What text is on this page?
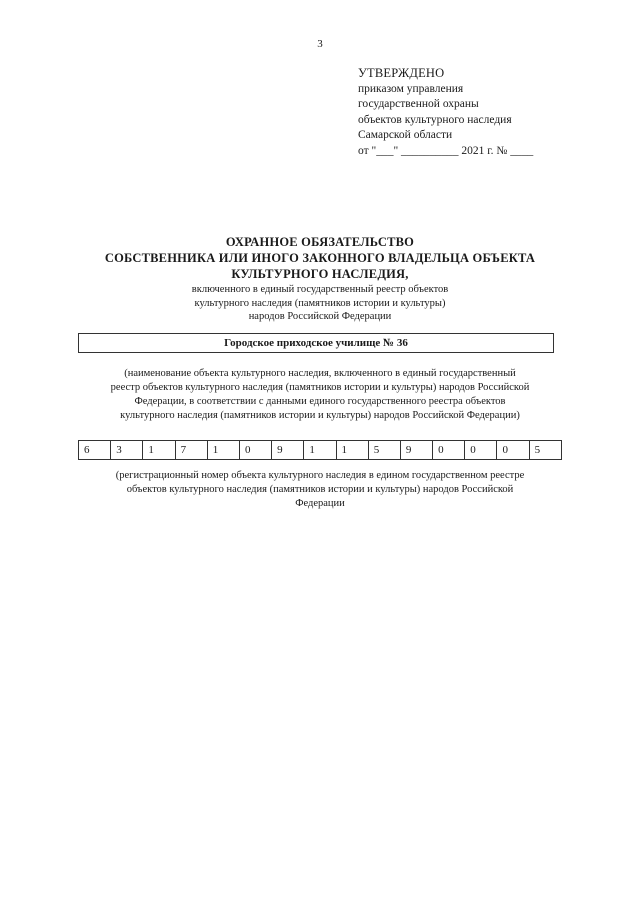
3
УТВЕРЖДЕНО
приказом управления
государственной охраны
объектов культурного наследия
Самарской области
от "___" __________ 2021 г. № ____
ОХРАННОЕ ОБЯЗАТЕЛЬСТВО
СОБСТВЕННИКА ИЛИ ИНОГО ЗАКОННОГО ВЛАДЕЛЬЦА ОБЪЕКТА
КУЛЬТУРНОГО НАСЛЕДИЯ,
включенного в единый государственный реестр объектов
культурного наследия (памятников истории и культуры)
народов Российской Федерации
Городское приходское училище № 36
(наименование объекта культурного наследия, включенного в единый государственный
реестр объектов культурного наследия (памятников истории и культуры) народов Российской
Федерации, в соответствии с данными единого государственного реестра объектов
культурного наследия (памятников истории и культуры) народов Российской Федерации)
6	3	1	7	1	0	9	1	1	5	9	0	0	0	5
(регистрационный номер объекта культурного наследия в едином государственном реестре
объектов культурного наследия (памятников истории и культуры) народов Российской
Федерации
